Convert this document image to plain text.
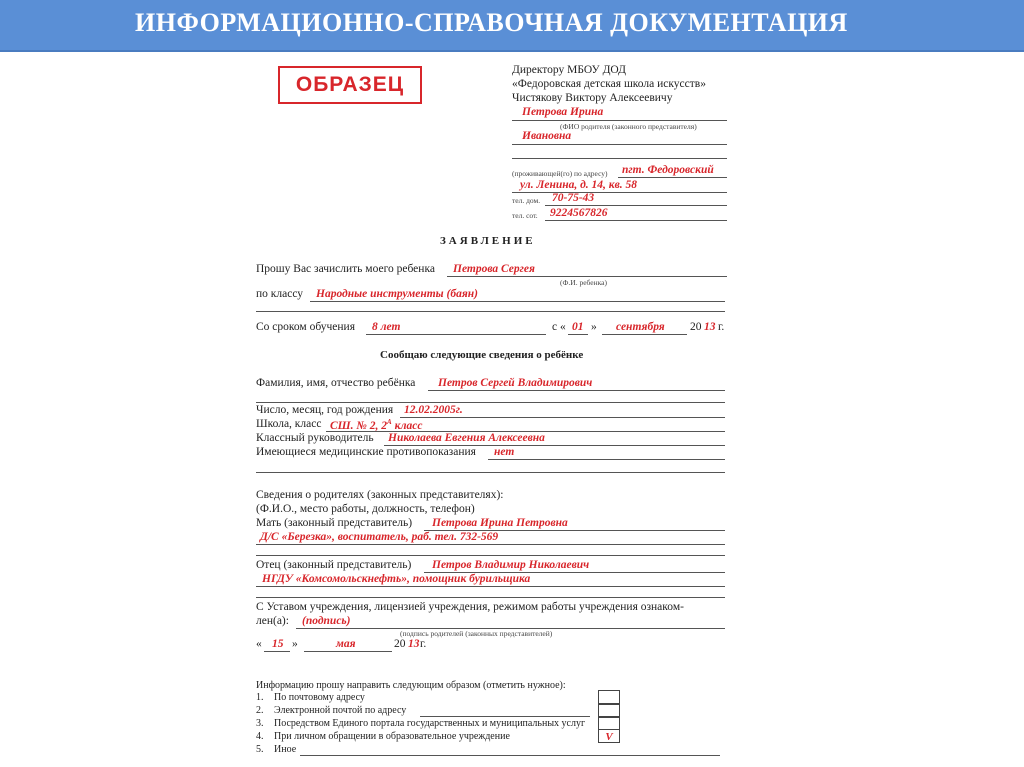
ИНФОРМАЦИОННО-СПРАВОЧНАЯ ДОКУМЕНТАЦИЯ
ОБРАЗЕЦ
Директору МБОУ ДОД
«Федоровская детская школа искусств»
Чистякову Виктору Алексеевичу
Петрова Ирина
(ФИО родителя (законного представителя)
Ивановна
(проживающей(го) по адресу) пгт. Федоровский
ул. Ленина, д. 14, кв. 58
тел. дом. 70-75-43
тел. сот. 9224567826
ЗАЯВЛЕНИЕ
Прошу Вас зачислить моего ребенка Петрова Сергея
(Ф.И. ребенка)
по классу Народные инструменты (баян)
Со сроком обучения 8 лет	с « 01 » сентября 20 13 г.
Сообщаю следующие сведения о ребёнке
Фамилия, имя, отчество ребёнка Петров Сергей Владимирович
Число, месяц, год рождения 12.02.2005г.
Школа, класс СШ. № 2, $2^А$ класс
Классный руководитель Николаева Евгения Алексеевна
Имеющиеся медицинские противопоказания нет
Сведения о родителях (законных представителях):
(Ф.И.О., место работы, должность, телефон)
Мать (законный представитель) Петрова Ирина Петровна
Д/С «Березка», воспитатель, раб. тел. 732-569
Отец (законный представитель) Петров Владимир Николаевич
НГДУ «Комсомольскнефть», помощник бурильщика
С Уставом учреждения, лицензией учреждения, режимом работы учреждения ознаком-
лен(а): (подпись)
(подпись родителей (законных представителей)
« 15 »	мая	20 13 г.
Информацию прошу направить следующим образом (отметить нужное):
1. По почтовому адресу
2. Электронной почтой по адресу
3. Посредством Единого портала государственных и муниципальных услуг
4. При личном обращении в образовательное учреждение	V
5. Иное
